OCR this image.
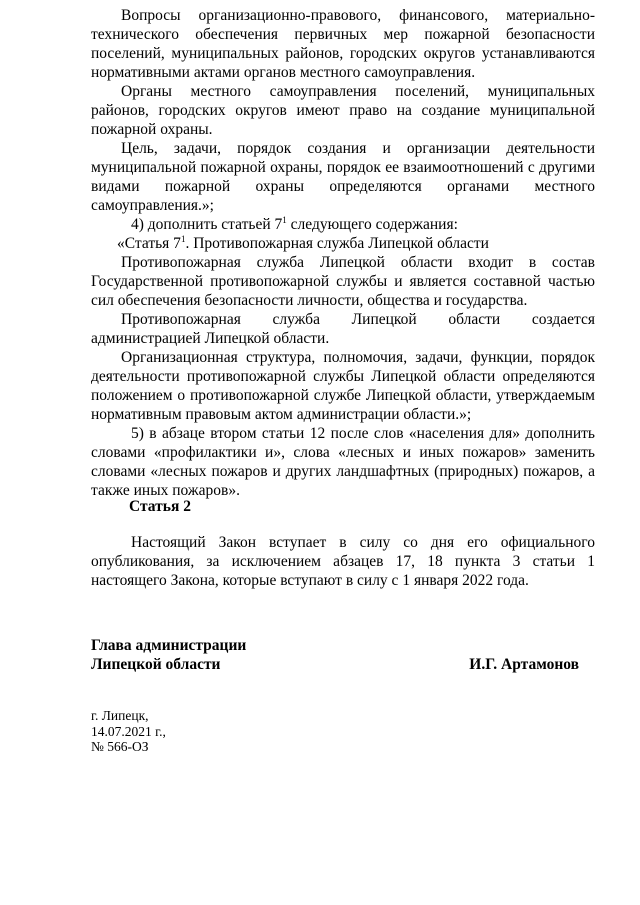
Вопросы организационно-правового, финансового, материально-технического обеспечения первичных мер пожарной безопасности поселений, муниципальных районов, городских округов устанавливаются нормативными актами органов местного самоуправления.

Органы местного самоуправления поселений, муниципальных районов, городских округов имеют право на создание муниципальной пожарной охраны.

Цель, задачи, порядок создания и организации деятельности муниципальной пожарной охраны, порядок ее взаимоотношений с другими видами пожарной охраны определяются органами местного самоуправления.»;

4) дополнить статьей $7^1$ следующего содержания:

«Статья $7^1$. Противопожарная служба Липецкой области

Противопожарная служба Липецкой области входит в состав Государственной противопожарной службы и является составной частью сил обеспечения безопасности личности, общества и государства.

Противопожарная служба Липецкой области создается администрацией Липецкой области.

Организационная структура, полномочия, задачи, функции, порядок деятельности противопожарной службы Липецкой области определяются положением о противопожарной службе Липецкой области, утверждаемым нормативным правовым актом администрации области.»;

5) в абзаце втором статьи 12 после слов «населения для» дополнить словами «профилактики и», слова «лесных и иных пожаров» заменить словами «лесных пожаров и других ландшафтных (природных) пожаров, а также иных пожаров».

Статья 2

Настоящий Закон вступает в силу со дня его официального опубликования, за исключением абзацев 17, 18 пункта 3 статьи 1 настоящего Закона, которые вступают в силу с 1 января 2022 года.

Глава администрации
Липецкой области	И.Г. Артамонов
г. Липецк,
14.07.2021 г.,
№ 566-ОЗ
